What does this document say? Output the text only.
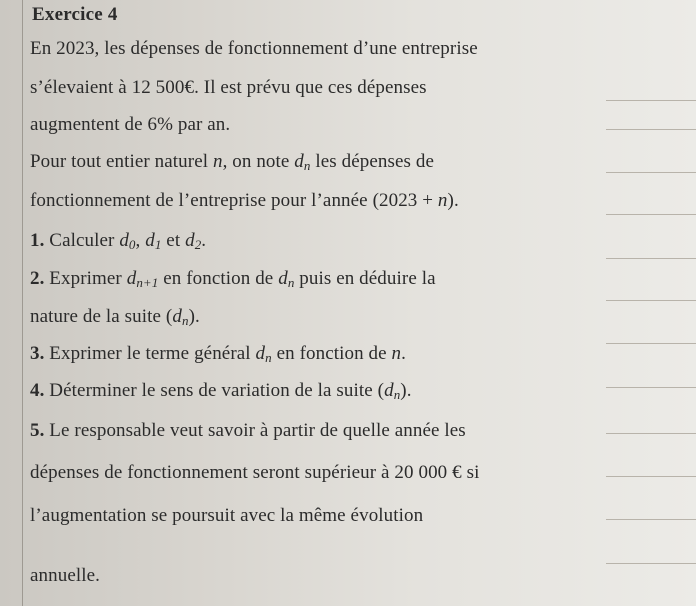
Exercice 4
En 2023, les dépenses de fonctionnement d’une entreprise
s’élevaient à 12 500€. Il est prévu que ces dépenses
augmentent de 6% par an.
Pour tout entier naturel n, on note $d_n$ les dépenses de
fonctionnement de l’entreprise pour l’année (2023 + n).
1. Calculer $d_0$, $d_1$ et $d_2$.
2. Exprimer $d_{n+1}$ en fonction de $d_n$ puis en déduire la
nature de la suite $(d_n)$.
3. Exprimer le terme général $d_n$ en fonction de n.
4. Déterminer le sens de variation de la suite $(d_n)$.
5. Le responsable veut savoir à partir de quelle année les
dépenses de fonctionnement seront supérieur à 20 000 € si
l’augmentation se poursuit avec la même évolution
annuelle.
